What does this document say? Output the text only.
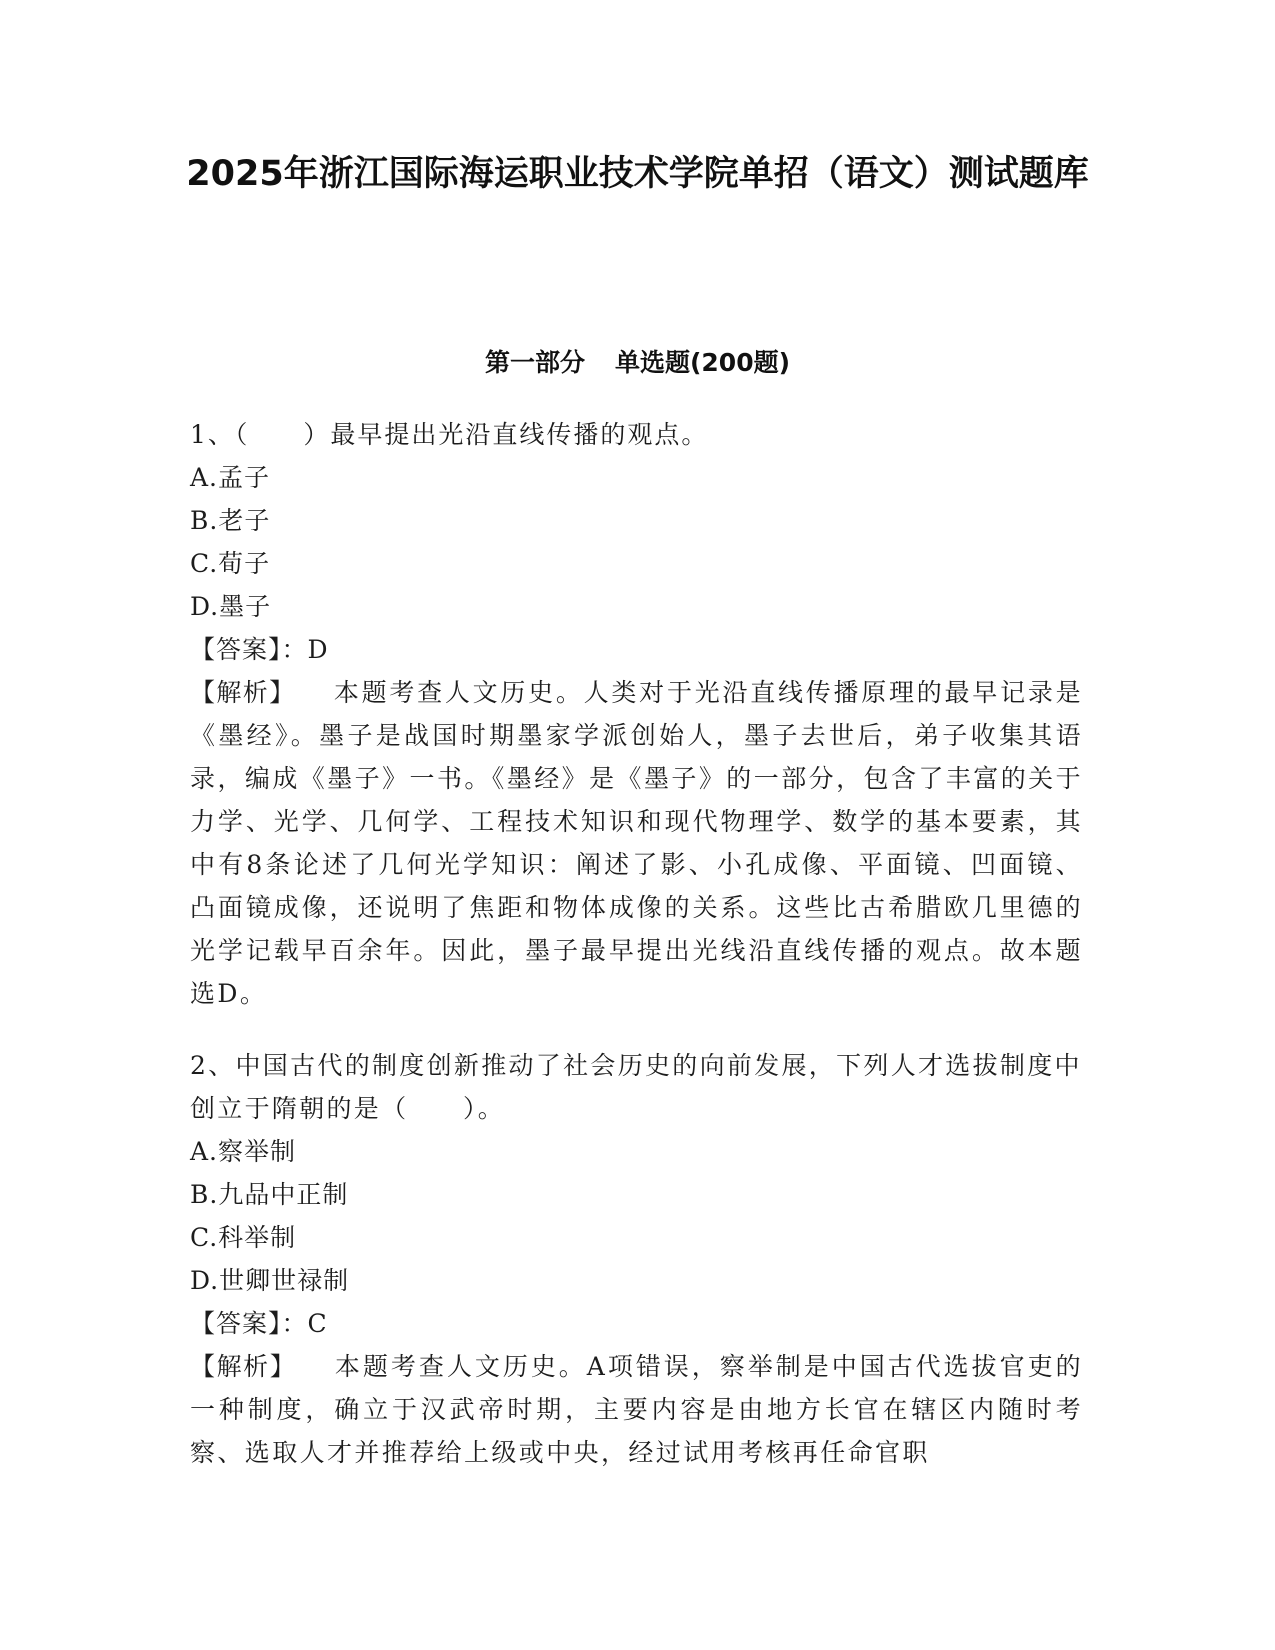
2025年浙江国际海运职业技术学院单招（语文）测试题库
第一部分 单选题(200题)
1、（　　）最早提出光沿直线传播的观点。
A.孟子
B.老子
C.荀子
D.墨子
【答案】：D
【解析】 本题考查人文历史。人类对于光沿直线传播原理的最早记录是《墨经》。墨子是战国时期墨家学派创始人，墨子去世后，弟子收集其语录，编成《墨子》一书。《墨经》是《墨子》的一部分，包含了丰富的关于力学、光学、几何学、工程技术知识和现代物理学、数学的基本要素，其中有8条论述了几何光学知识：阐述了影、小孔成像、平面镜、凹面镜、凸面镜成像，还说明了焦距和物体成像的关系。这些比古希腊欧几里德的光学记载早百余年。因此，墨子最早提出光线沿直线传播的观点。故本题选D。
2、中国古代的制度创新推动了社会历史的向前发展，下列人才选拔制度中创立于隋朝的是（　　）。
A.察举制
B.九品中正制
C.科举制
D.世卿世禄制
【答案】：C
【解析】 本题考查人文历史。A项错误，察举制是中国古代选拔官吏的一种制度，确立于汉武帝时期，主要内容是由地方长官在辖区内随时考察、选取人才并推荐给上级或中央，经过试用考核再任命官职
